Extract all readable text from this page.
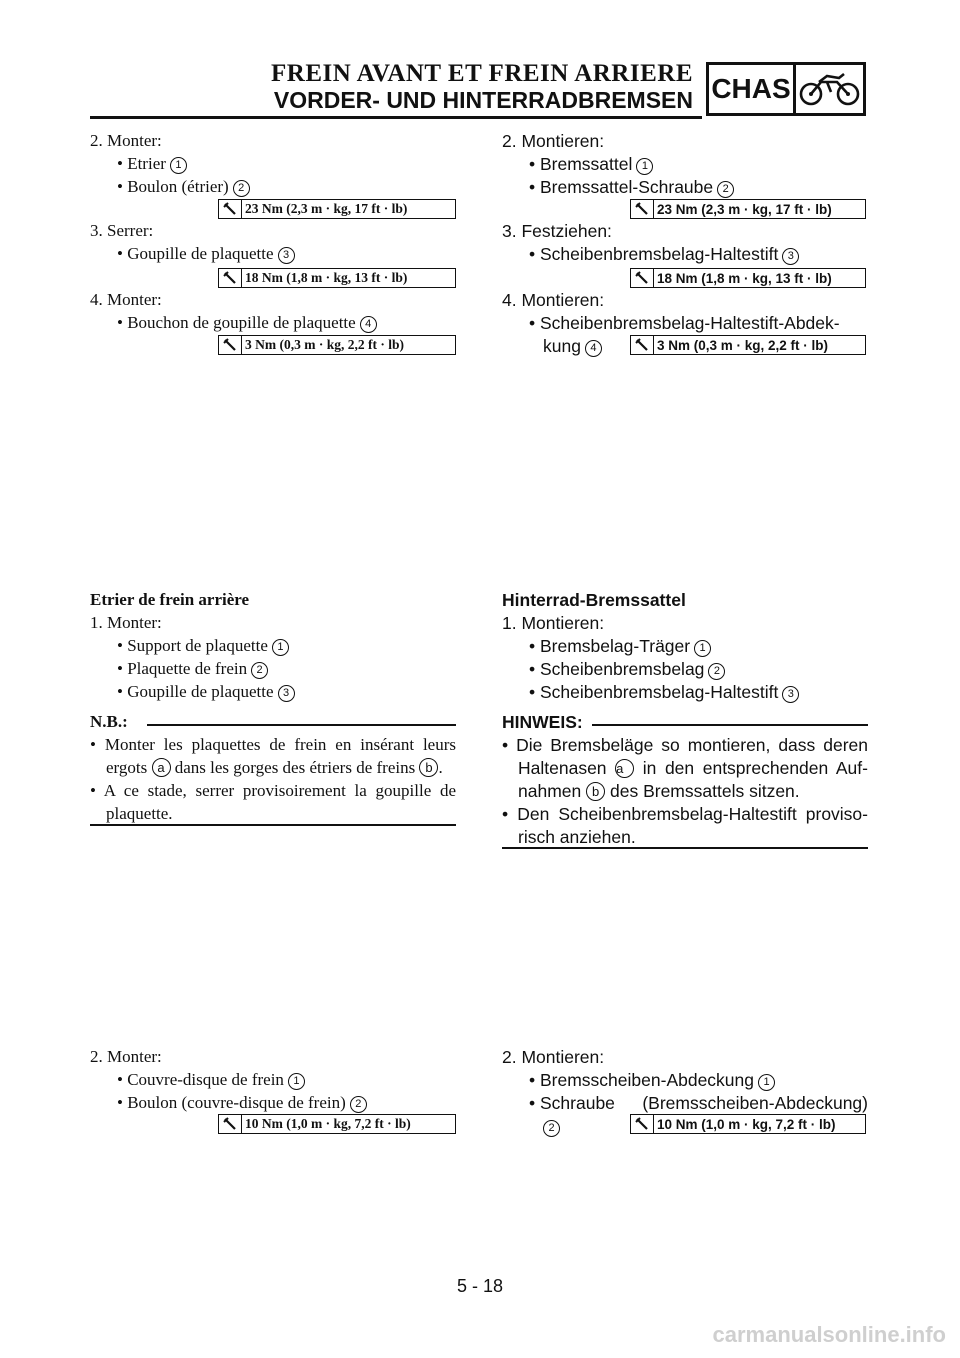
FREIN AVANT ET FREIN ARRIERE
VORDER- UND HINTERRADBREMSEN CHAS
2. Monter:
• Etrier 1
• Boulon (étrier) 2
23 Nm (2,3 m · kg, 17 ft · lb)
3. Serrer:
• Goupille de plaquette 3
18 Nm (1,8 m · kg, 13 ft · lb)
4. Monter:
• Bouchon de goupille de plaquette 4
3 Nm (0,3 m · kg, 2,2 ft · lb)
2. Montieren:
• Bremssattel 1
• Bremssattel-Schraube 2
23 Nm (2,3 m · kg, 17 ft · lb)
3. Festziehen:
• Scheibenbremsbelag-Haltestift 3
18 Nm (1,8 m · kg, 13 ft · lb)
4. Montieren:
• Scheibenbremsbelag-Haltestift-Abdek-
kung 4	3 Nm (0,3 m · kg, 2,2 ft · lb)
Etrier de frein arrière
1. Monter:
• Support de plaquette 1
• Plaquette de frein 2
• Goupille de plaquette 3
N.B.:
• Monter les plaquettes de frein en insérant leurs
ergots a dans les gorges des étriers de freins b .
• A ce stade, serrer provisoirement la goupille de
plaquette.
Hinterrad-Bremssattel
1. Montieren:
• Bremsbelag-Träger 1
• Scheibenbremsbelag 2
• Scheibenbremsbelag-Haltestift 3
HINWEIS:
• Die Bremsbeläge so montieren, dass deren
Haltenasen a in den entsprechenden Auf-
nahmen b des Bremssattels sitzen.
• Den Scheibenbremsbelag-Haltestift proviso-
risch anziehen.
2. Monter:
• Couvre-disque de frein 1
• Boulon (couvre-disque de frein) 2
10 Nm (1,0 m · kg, 7,2 ft · lb)
2. Montieren:
• Bremsscheiben-Abdeckung 1
• Schraube (Bremsscheiben-Abdeckung)
2	10 Nm (1,0 m · kg, 7,2 ft · lb)
5 - 18
carmanualsonline.info
